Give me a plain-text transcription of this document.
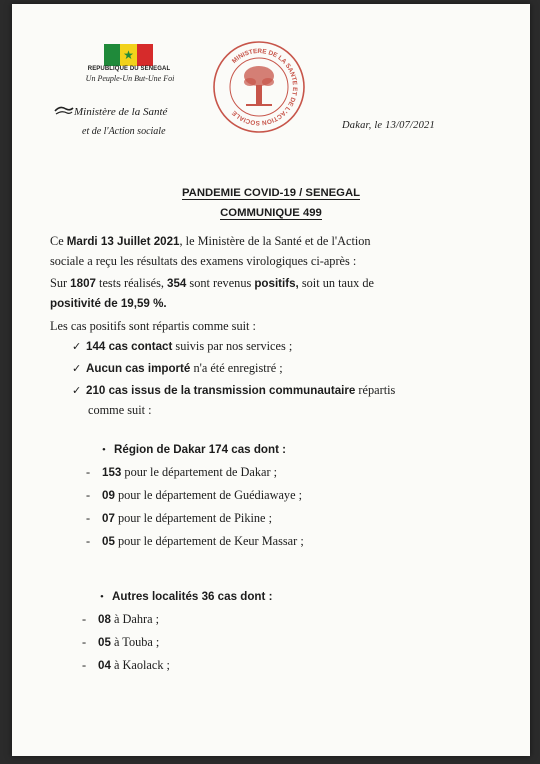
★
REPUBLIQUE DU SENEGAL
Un Peuple-Un But-Une Foi
Ministère de la Santé
et de l'Action sociale
MINISTERE DE LA SANTE ET DE L'ACTION SOCIALE
Dakar, le 13/07/2021
PANDEMIE COVID-19 / SENEGAL
COMMUNIQUE 499
Ce Mardi 13 Juillet 2021, le Ministère de la Santé et de l'Action
sociale a reçu les résultats des examens virologiques ci-après :
Sur 1807 tests réalisés, 354 sont revenus positifs, soit un taux de
positivité de 19,59 %.
Les cas positifs sont répartis comme suit :
✓ 144 cas contact suivis par nos services ;
✓ Aucun cas importé n'a été enregistré ;
✓ 210 cas issus de la transmission communautaire répartis
comme suit :
• Région de Dakar 174 cas dont :
- 153 pour le département de Dakar ;
- 09 pour le département de Guédiawaye ;
- 07 pour le département de Pikine ;
- 05 pour le département de Keur Massar ;
• Autres localités 36 cas dont :
- 08 à Dahra ;
- 05 à Touba ;
- 04 à Kaolack ;
